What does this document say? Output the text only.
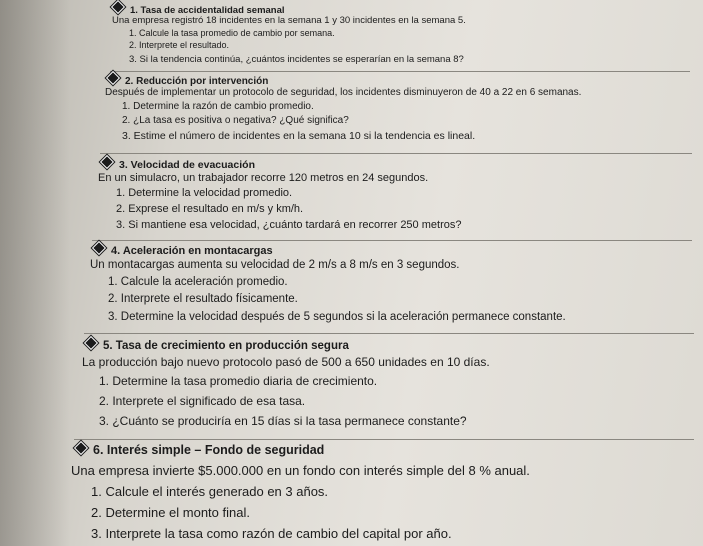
1. Tasa de accidentalidad semanal
Una empresa registró 18 incidentes en la semana 1 y 30 incidentes en la semana 5.
1. Calcule la tasa promedio de cambio por semana.
2. Interprete el resultado.
3. Si la tendencia continúa, ¿cuántos incidentes se esperarían en la semana 8?
2. Reducción por intervención
Después de implementar un protocolo de seguridad, los incidentes disminuyeron de 40 a 22 en 6 semanas.
1. Determine la razón de cambio promedio.
2. ¿La tasa es positiva o negativa? ¿Qué significa?
3. Estime el número de incidentes en la semana 10 si la tendencia es lineal.
3. Velocidad de evacuación
En un simulacro, un trabajador recorre 120 metros en 24 segundos.
1. Determine la velocidad promedio.
2. Exprese el resultado en m/s y km/h.
3. Si mantiene esa velocidad, ¿cuánto tardará en recorrer 250 metros?
4. Aceleración en montacargas
Un montacargas aumenta su velocidad de 2 m/s a 8 m/s en 3 segundos.
1. Calcule la aceleración promedio.
2. Interprete el resultado físicamente.
3. Determine la velocidad después de 5 segundos si la aceleración permanece constante.
5. Tasa de crecimiento en producción segura
La producción bajo nuevo protocolo pasó de 500 a 650 unidades en 10 días.
1. Determine la tasa promedio diaria de crecimiento.
2. Interprete el significado de esa tasa.
3. ¿Cuánto se produciría en 15 días si la tasa permanece constante?
6. Interés simple – Fondo de seguridad
Una empresa invierte $5.000.000 en un fondo con interés simple del 8 % anual.
1. Calcule el interés generado en 3 años.
2. Determine el monto final.
3. Interprete la tasa como razón de cambio del capital por año.
